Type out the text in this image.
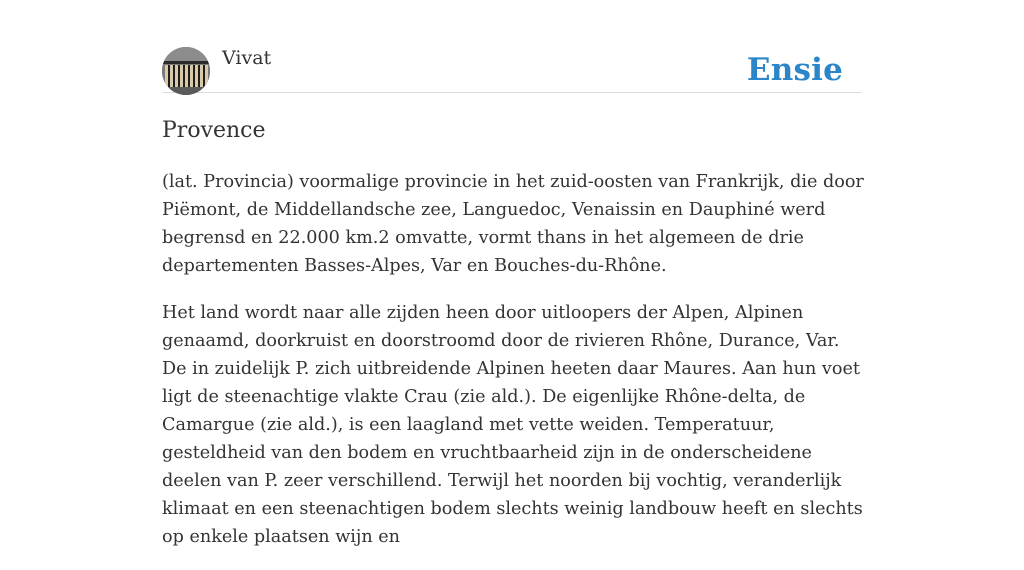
Vivat	Ensie
Provence

(lat. Provincia) voormalige provincie in het zuid-oosten van Frankrijk, die door Piëmont, de Middellandsche zee, Languedoc, Venaissin en Dauphiné werd begrensd en 22.000 km.2 omvatte, vormt thans in het algemeen de drie departementen Basses-Alpes, Var en Bouches-du-Rhône.

Het land wordt naar alle zijden heen door uitloopers der Alpen, Alpinen genaamd, doorkruist en doorstroomd door de rivieren Rhône, Durance, Var. De in zuidelijk P. zich uitbreidende Alpinen heeten daar Maures. Aan hun voet ligt de steenachtige vlakte Crau (zie ald.). De eigenlijke Rhône-delta, de Camargue (zie ald.), is een laagland met vette weiden. Temperatuur, gesteldheid van den bodem en vruchtbaarheid zijn in de onderscheidene deelen van P. zeer verschillend. Terwijl het noorden bij vochtig, veranderlijk klimaat en een steenachtigen bodem slechts weinig landbouw heeft en slechts op enkele plaatsen wijn en
